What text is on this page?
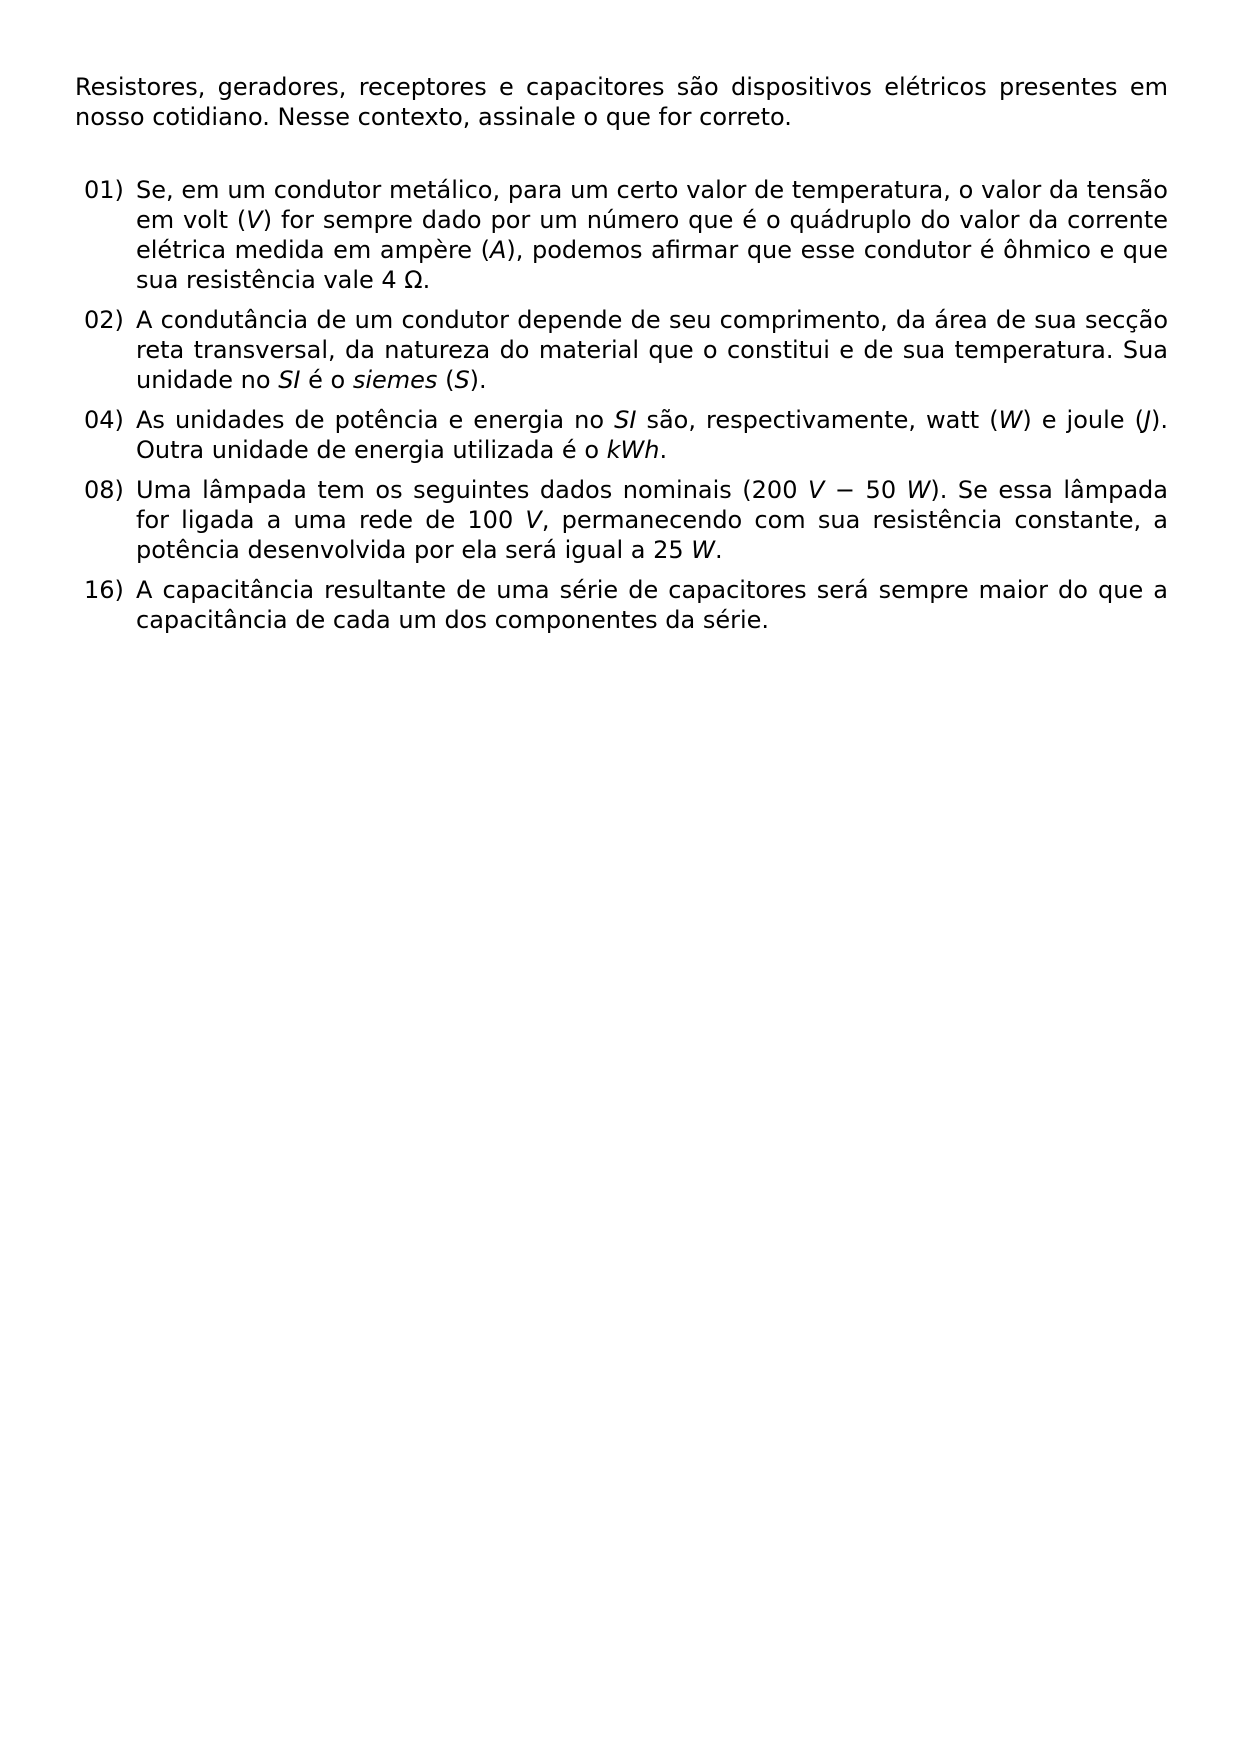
Resistores, geradores, receptores e capacitores são dispositivos elétricos presentes em nosso cotidiano. Nesse contexto, assinale o que for correto.

01) Se, em um condutor metálico, para um certo valor de temperatura, o valor da tensão em volt (V) for sempre dado por um número que é o quádruplo do valor da corrente elétrica medida em ampère (A), podemos afirmar que esse condutor é ôhmico e que sua resistência vale 4 Ω.
02) A condutância de um condutor depende de seu comprimento, da área de sua secção reta transversal, da natureza do material que o constitui e de sua temperatura. Sua unidade no SI é o siemes (S).
04) As unidades de potência e energia no SI são, respectivamente, watt (W) e joule (J). Outra unidade de energia utilizada é o kWh.
08) Uma lâmpada tem os seguintes dados nominais (200 V − 50 W). Se essa lâmpada for ligada a uma rede de 100 V, permanecendo com sua resistência constante, a potência desenvolvida por ela será igual a 25 W.
16) A capacitância resultante de uma série de capacitores será sempre maior do que a capacitância de cada um dos componentes da série.
